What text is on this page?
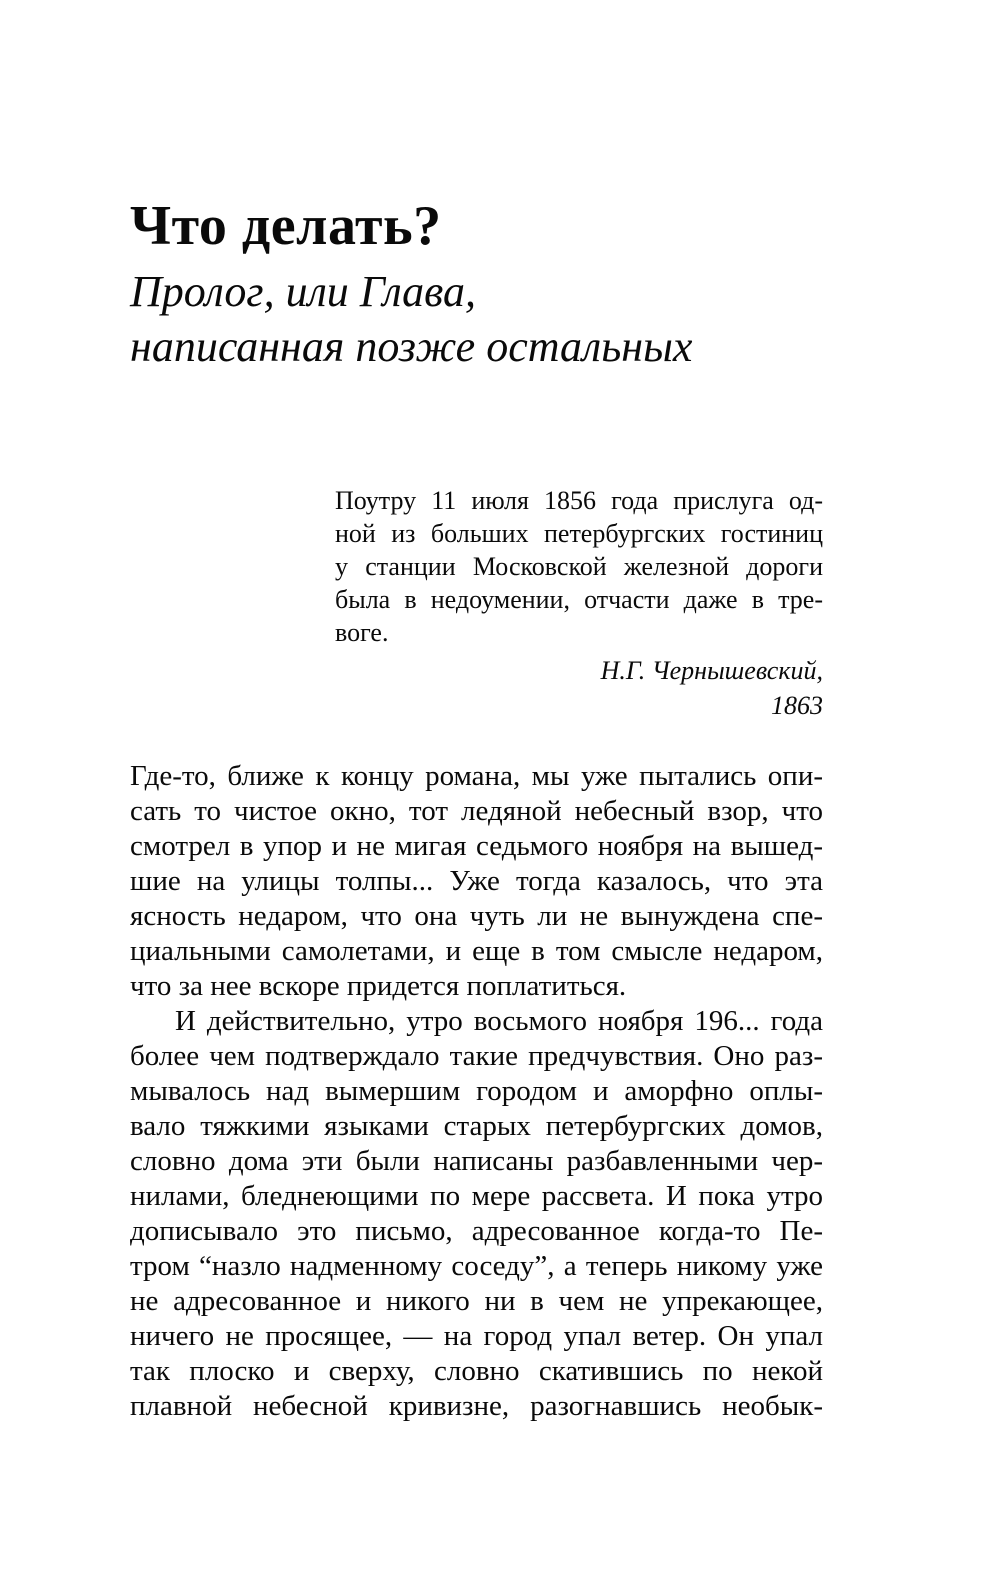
Что делать?
Пролог, или Глава,
написанная позже остальных
Поутру 11 июля 1856 года прислуга од-
ной из больших петербургских гостиниц
у станции Московской железной дороги
была в недоумении, отчасти даже в тре-
воге.
Н.Г. Чернышевский,
1863
Где-то, ближе к концу романа, мы уже пытались опи-
сать то чистое окно, тот ледяной небесный взор, что
смотрел в упор и не мигая седьмого ноября на вышед-
шие на улицы толпы... Уже тогда казалось, что эта
ясность недаром, что она чуть ли не вынуждена спе-
циальными самолетами, и еще в том смысле недаром,
что за нее вскоре придется поплатиться.
И действительно, утро восьмого ноября 196... года
более чем подтверждало такие предчувствия. Оно раз-
мывалось над вымершим городом и аморфно оплы-
вало тяжкими языками старых петербургских домов,
словно дома эти были написаны разбавленными чер-
нилами, бледнеющими по мере рассвета. И пока утро
дописывало это письмо, адресованное когда-то Пе-
тром “назло надменному соседу”, а теперь никому уже
не адресованное и никого ни в чем не упрекающее,
ничего не просящее, — на город упал ветер. Он упал
так плоско и сверху, словно скатившись по некой
плавной небесной кривизне, разогнавшись необык-
